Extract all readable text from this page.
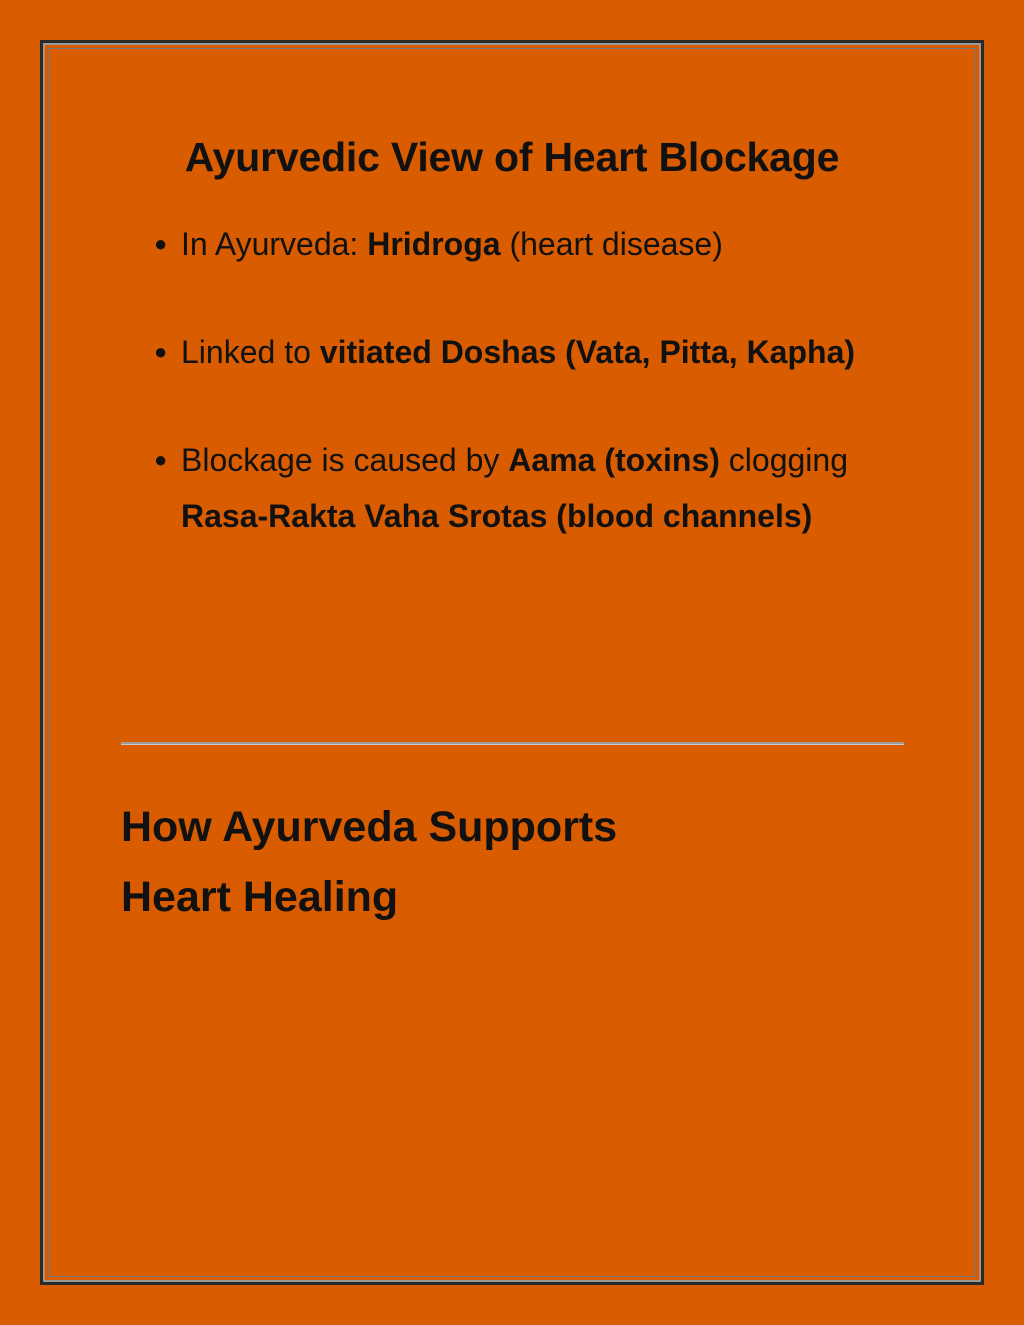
Ayurvedic View of Heart Blockage
● In Ayurveda: Hridroga (heart disease)
● Linked to vitiated Doshas (Vata, Pitta, Kapha)
● Blockage is caused by Aama (toxins) clogging Rasa-Rakta Vaha Srotas (blood channels)
How Ayurveda Supports
Heart Healing
